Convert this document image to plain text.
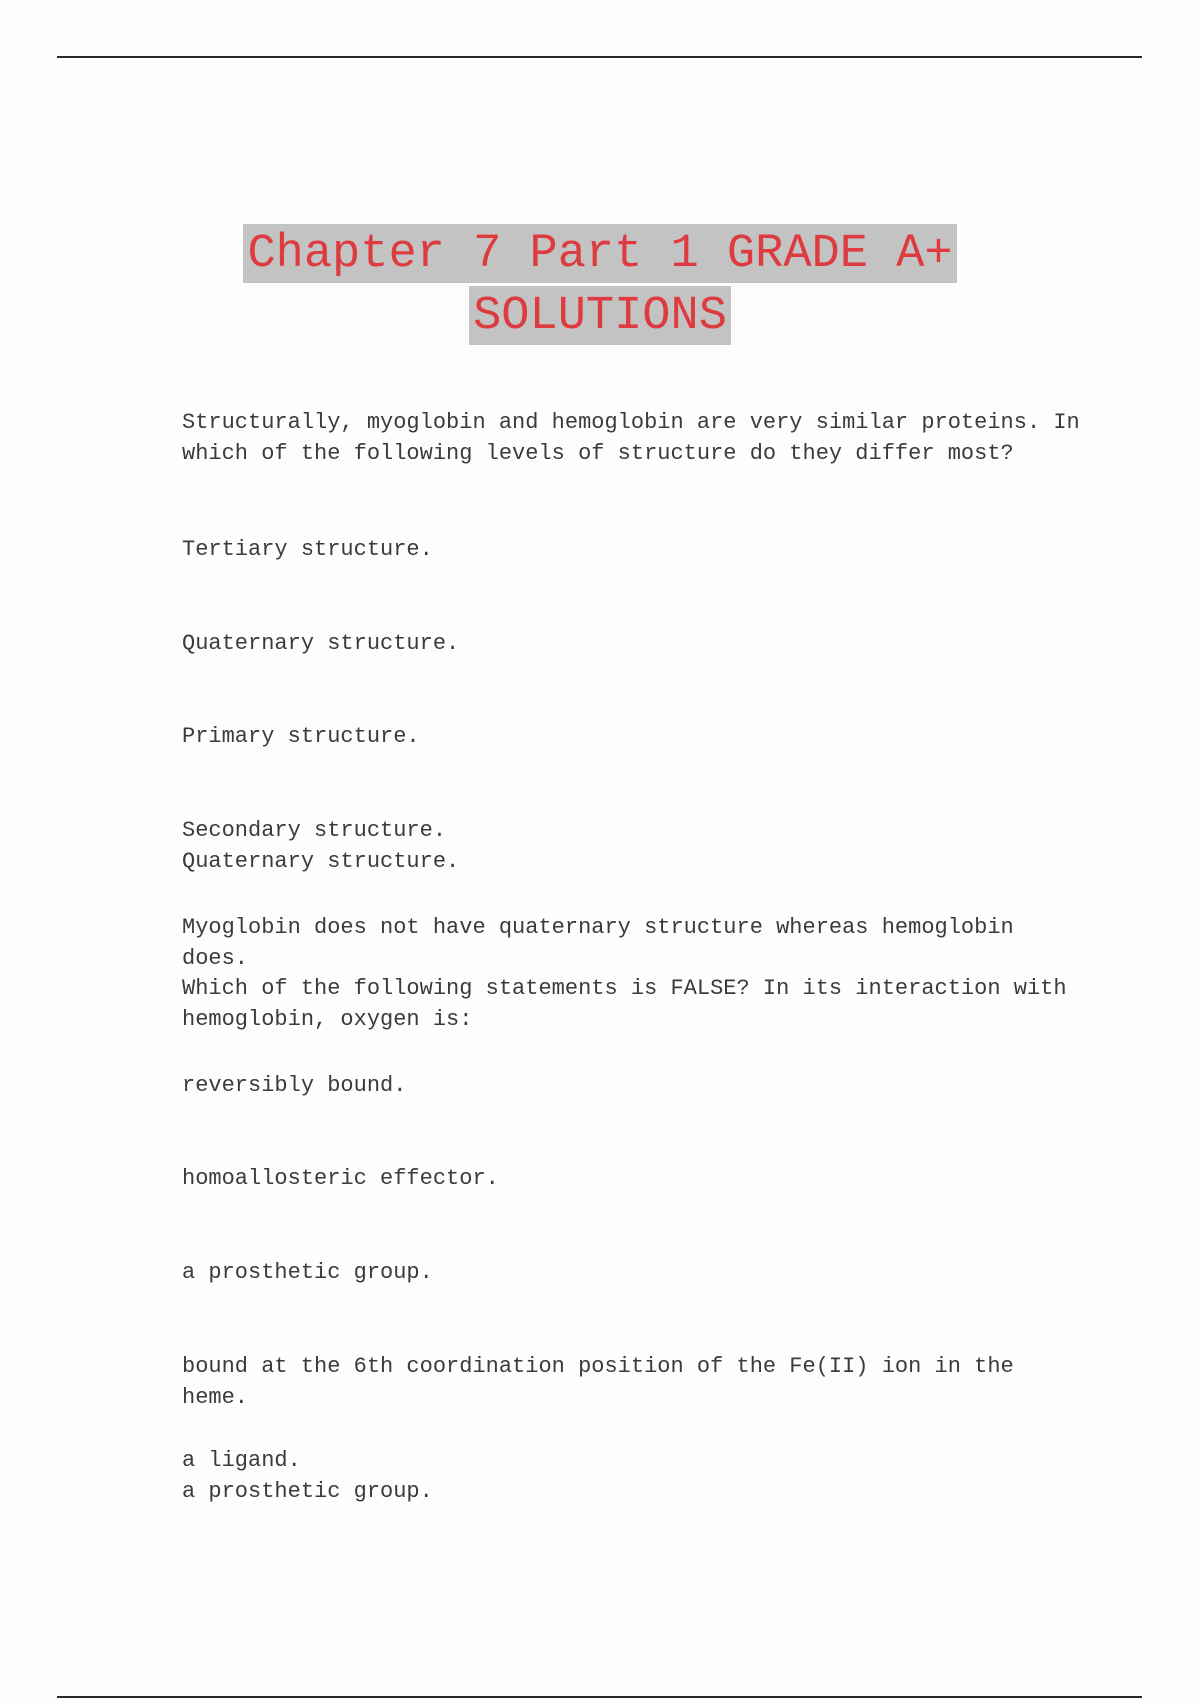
Chapter 7 Part 1 GRADE A+
SOLUTIONS
Structurally, myoglobin and hemoglobin are very similar proteins. In
which of the following levels of structure do they differ most?
Tertiary structure.
Quaternary structure.
Primary structure.
Secondary structure.
Quaternary structure.
Myoglobin does not have quaternary structure whereas hemoglobin does.
Which of the following statements is FALSE? In its interaction with
hemoglobin, oxygen is:
reversibly bound.
homoallosteric effector.
a prosthetic group.
bound at the 6th coordination position of the Fe(II) ion in the heme.
a ligand.
a prosthetic group.
